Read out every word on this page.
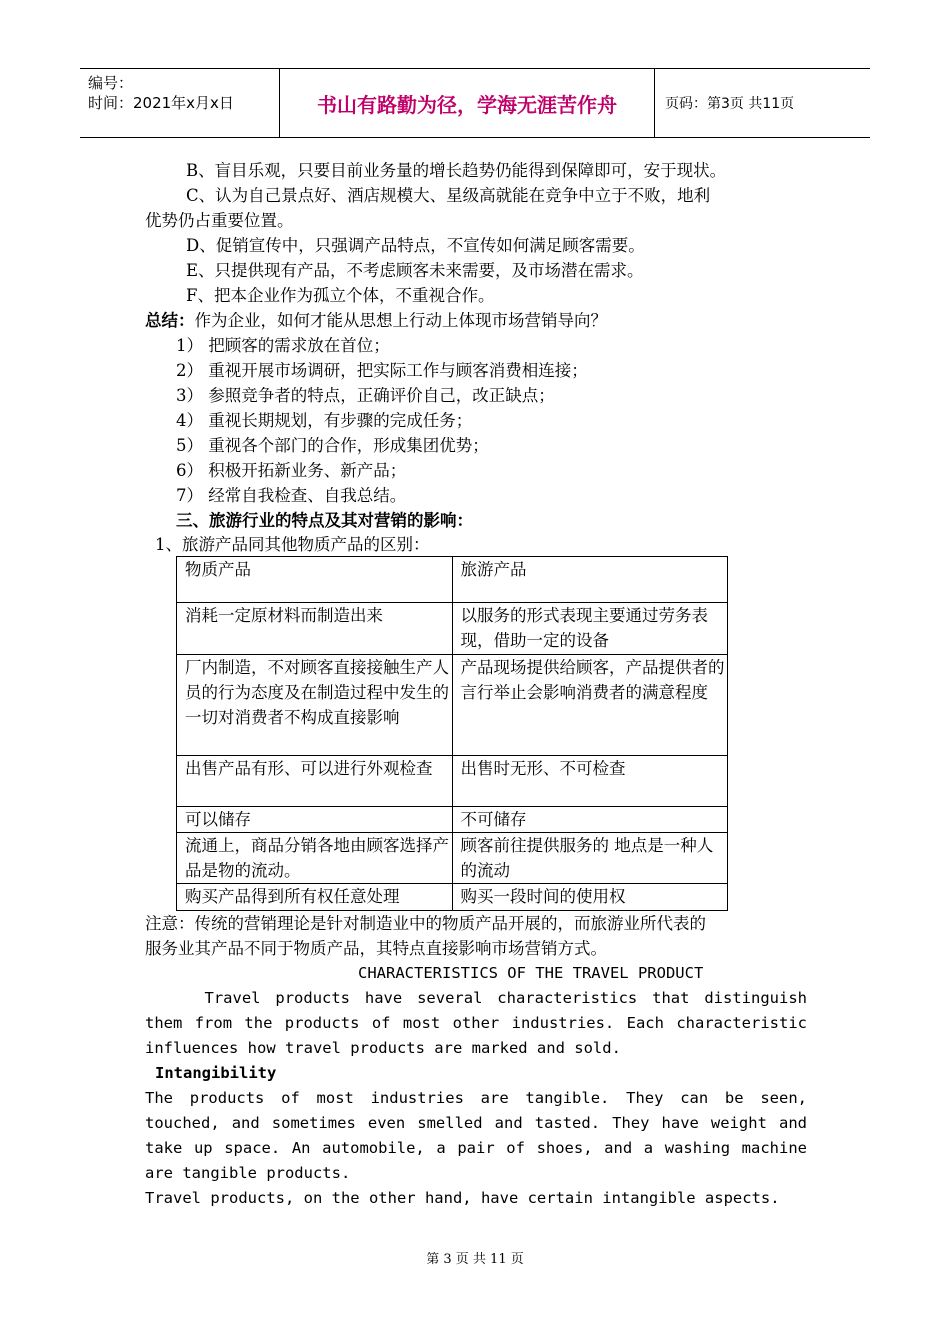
编号：
时间：2021年x月x日	书山有路勤为径，学海无涯苦作舟	页码：第3页 共11页
B、盲目乐观，只要目前业务量的增长趋势仍能得到保障即可，安于现状。
C、认为自己景点好、酒店规模大、星级高就能在竞争中立于不败，地利
优势仍占重要位置。
D、促销宣传中，只强调产品特点，不宣传如何满足顾客需要。
E、只提供现有产品，不考虑顾客未来需要，及市场潜在需求。
F、把本企业作为孤立个体，不重视合作。
总结：作为企业，如何才能从思想上行动上体现市场营销导向？
1） 把顾客的需求放在首位；
2） 重视开展市场调研，把实际工作与顾客消费相连接；
3） 参照竞争者的特点，正确评价自己，改正缺点；
4） 重视长期规划，有步骤的完成任务；
5） 重视各个部门的合作，形成集团优势；
6） 积极开拓新业务、新产品；
7） 经常自我检查、自我总结。
三、旅游行业的特点及其对营销的影响：
1、旅游产品同其他物质产品的区别：
物质产品	旅游产品
消耗一定原材料而制造出来	以服务的形式表现主要通过劳务表现，借助一定的设备
厂内制造，不对顾客直接接触生产人员的行为态度及在制造过程中发生的一切对消费者不构成直接影响	产品现场提供给顾客，产品提供者的言行举止会影响消费者的满意程度
出售产品有形、可以进行外观检查	出售时无形、不可检查
可以储存	不可储存
流通上，商品分销各地由顾客选择产品是物的流动。	顾客前往提供服务的 地点是一种人的流动
购买产品得到所有权任意处理	购买一段时间的使用权
注意：传统的营销理论是针对制造业中的物质产品开展的，而旅游业所代表的
服务业其产品不同于物质产品，其特点直接影响市场营销方式。
CHARACTERISTICS OF THE TRAVEL PRODUCT
Travel products have several characteristics that distinguish
them from the products of most other industries. Each characteristic
influences how travel products are marked and sold.
Intangibility
The products of most industries are tangible. They can be seen,
touched, and sometimes even smelled and tasted. They have weight and
take up space. An automobile, a pair of shoes, and a washing machine
are tangible products.
Travel products, on the other hand, have certain intangible aspects.
第 3 页 共 11 页
